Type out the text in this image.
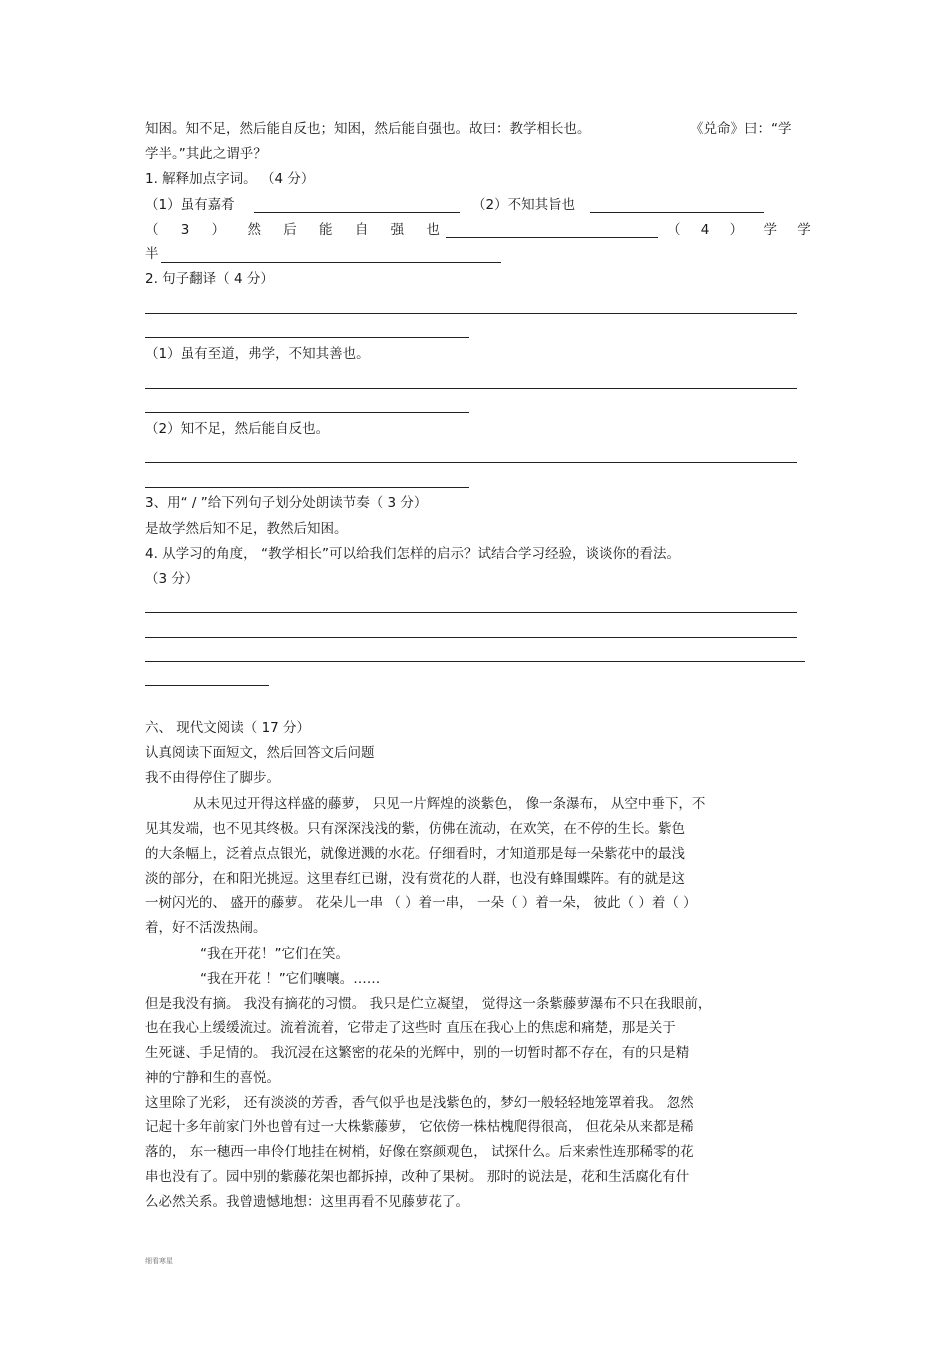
知困。知不足，然后能自反也；知困，然后能自强也。故曰：教学相长也。	《兑命》曰：“学
学半。”其此之谓乎？
1. 解释加点字词。 （4 分）
（1）虽有嘉肴	（2）不知其旨也
（ 3 ） 然 后 能 自 强 也	（ 4 ） 学 学
半
2. 句子翻译（ 4 分）
（1）虽有至道，弗学，不知其善也。
（2）知不足，然后能自反也。
3、用“ / ”给下列句子划分处朗读节奏（ 3 分）
是故学然后知不足，教然后知困。
4. 从学习的角度， “教学相长”可以给我们怎样的启示？试结合学习经验，谈谈你的看法。
（3 分）
六、 现代文阅读（ 17 分）
认真阅读下面短文，然后回答文后问题
我不由得停住了脚步。
从未见过开得这样盛的藤萝， 只见一片辉煌的淡紫色， 像一条瀑布， 从空中垂下，不
见其发端，也不见其终极。只有深深浅浅的紫，仿佛在流动，在欢笑，在不停的生长。紫色
的大条幅上，泛着点点银光，就像迸溅的水花。仔细看时，才知道那是每一朵紫花中的最浅
淡的部分，在和阳光挑逗。这里春红已谢，没有赏花的人群，也没有蜂围蝶阵。有的就是这
一树闪光的、 盛开的藤萝。 花朵儿一串 （ ）着一串， 一朵（ ）着一朵， 彼此（ ）着（ ）
着，好不活泼热闹。
“我在开花！”它们在笑。
“我在开花 ！”它们嚷嚷。……
但是我没有摘。 我没有摘花的习惯。 我只是伫立凝望， 觉得这一条紫藤萝瀑布不只在我眼前，
也在我心上缓缓流过。流着流着，它带走了这些时 直压在我心上的焦虑和痛楚，那是关于
生死谜、手足情的。 我沉浸在这繁密的花朵的光辉中，别的一切暂时都不存在，有的只是精
神的宁静和生的喜悦。
这里除了光彩， 还有淡淡的芳香，香气似乎也是浅紫色的，梦幻一般轻轻地笼罩着我。 忽然
记起十多年前家门外也曾有过一大株紫藤萝， 它依傍一株枯槐爬得很高， 但花朵从来都是稀
落的， 东一穗西一串伶仃地挂在树梢，好像在察颜观色， 试探什么。后来索性连那稀零的花
串也没有了。园中别的紫藤花架也都拆掉，改种了果树。 那时的说法是，花和生活腐化有什
么必然关系。我曾遗憾地想：这里再看不见藤萝花了。
细看寒星
